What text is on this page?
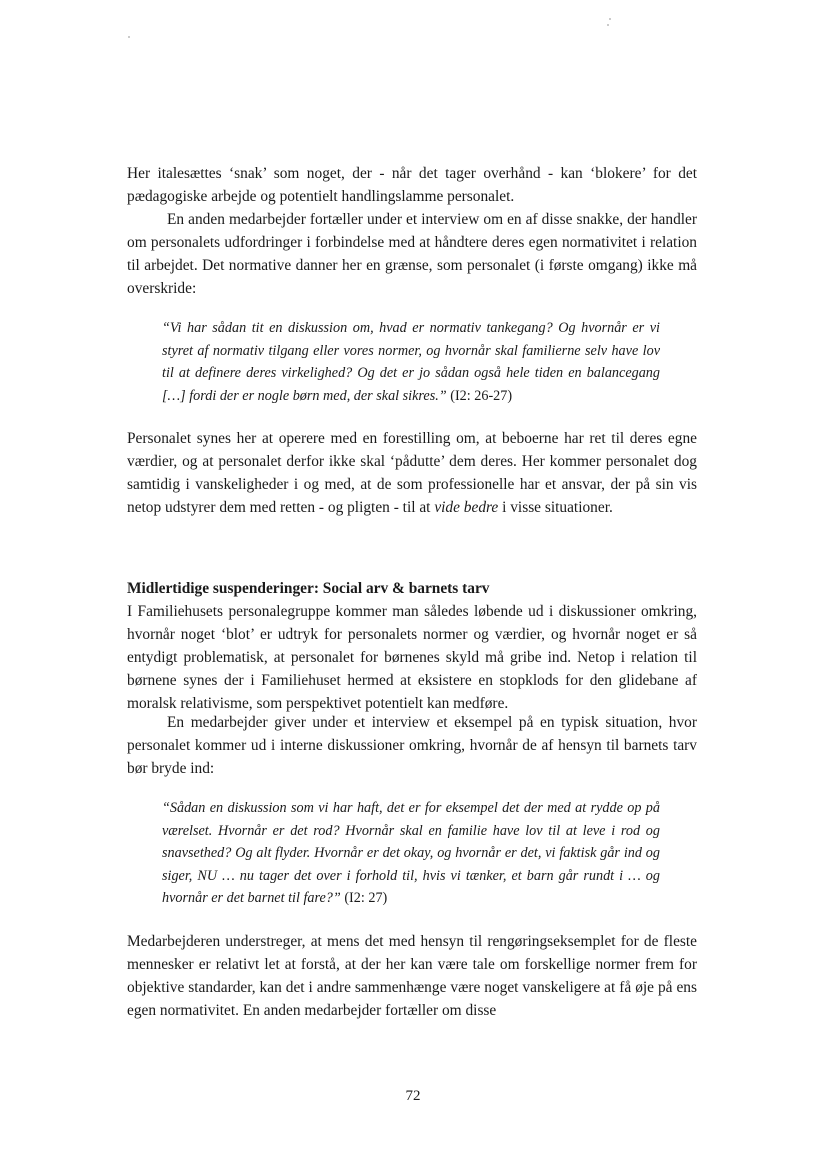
Her italesættes ‘snak’ som noget, der - når det tager overhånd - kan ‘blokere’ for det pædagogiske arbejde og potentielt handlingslamme personalet.
En anden medarbejder fortæller under et interview om en af disse snakke, der handler om personalets udfordringer i forbindelse med at håndtere deres egen normativitet i relation til arbejdet. Det normative danner her en grænse, som personalet (i første omgang) ikke må overskride:
“Vi har sådan tit en diskussion om, hvad er normativ tankegang? Og hvornår er vi styret af normativ tilgang eller vores normer, og hvornår skal familierne selv have lov til at definere deres virkelighed? Og det er jo sådan også hele tiden en balancegang […] fordi der er nogle børn med, der skal sikres.” (I2: 26-27)
Personalet synes her at operere med en forestilling om, at beboerne har ret til deres egne værdier, og at personalet derfor ikke skal ‘pådutte’ dem deres. Her kommer personalet dog samtidig i vanskeligheder i og med, at de som professionelle har et ansvar, der på sin vis netop udstyrer dem med retten - og pligten - til at vide bedre i visse situationer.
Midlertidige suspenderinger: Social arv & barnets tarv
I Familiehusets personalegruppe kommer man således løbende ud i diskussioner omkring, hvornår noget ‘blot’ er udtryk for personalets normer og værdier, og hvornår noget er så entydigt problematisk, at personalet for børnenes skyld må gribe ind. Netop i relation til børnene synes der i Familiehuset hermed at eksistere en stopklods for den glidebane af moralsk relativisme, som perspektivet potentielt kan medføre.
En medarbejder giver under et interview et eksempel på en typisk situation, hvor personalet kommer ud i interne diskussioner omkring, hvornår de af hensyn til barnets tarv bør bryde ind:
“Sådan en diskussion som vi har haft, det er for eksempel det der med at rydde op på værelset. Hvornår er det rod? Hvornår skal en familie have lov til at leve i rod og snavsethed? Og alt flyder. Hvornår er det okay, og hvornår er det, vi faktisk går ind og siger, NU … nu tager det over i forhold til, hvis vi tænker, et barn går rundt i … og hvornår er det barnet til fare?” (I2: 27)
Medarbejderen understreger, at mens det med hensyn til rengøringseksemplet for de fleste mennesker er relativt let at forstå, at der her kan være tale om forskellige normer frem for objektive standarder, kan det i andre sammenhænge være noget vanskeligere at få øje på ens egen normativitet. En anden medarbejder fortæller om disse
72
